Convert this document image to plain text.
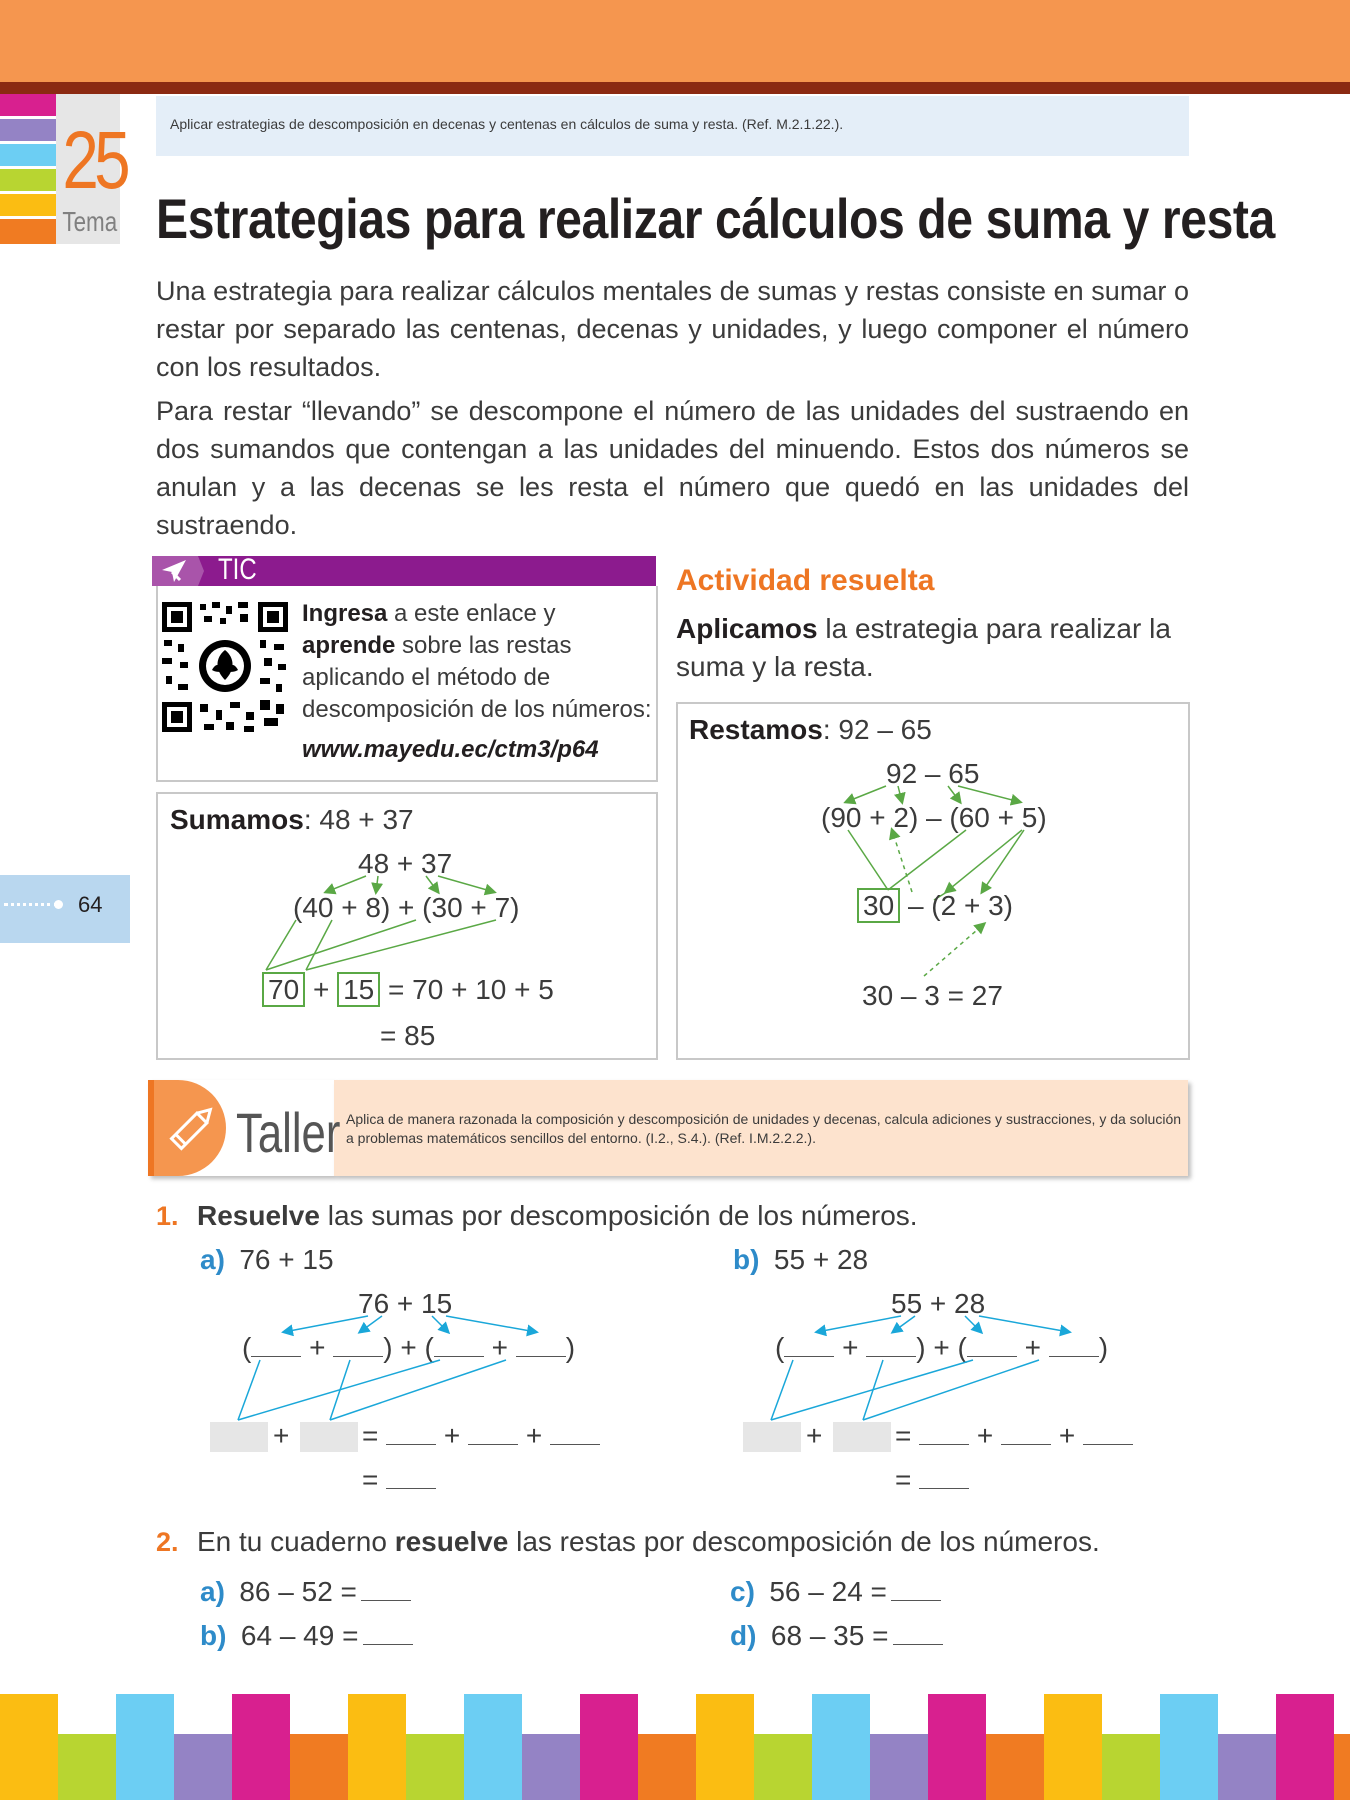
25
Tema
Aplicar estrategias de descomposición en decenas y centenas en cálculos de suma y resta. (Ref. M.2.1.22.).
Estrategias para realizar cálculos de suma y resta
Una estrategia para realizar cálculos mentales de sumas y restas consiste en sumar o restar por separado las centenas, decenas y unidades, y luego componer el número con los resultados.
Para restar “llevando” se descompone el número de las unidades del sustraendo en dos sumandos que contengan a las unidades del minuendo. Estos dos números se anulan y a las decenas se les resta el número que quedó en las unidades del sustraendo.
TIC
Ingresa a este enlace y aprende sobre las restas aplicando el método de descomposición de los números:
www.mayedu.ec/ctm3/p64
Sumamos: 48 + 37
48 + 37
(40 + 8) + (30 + 7)
70 + 15 = 70 + 10 + 5
= 85
Actividad resuelta
Aplicamos la estrategia para realizar la suma y la resta.
Restamos: 92 – 65
92 – 65
(90 + 2) – (60 + 5)
30 – (2 + 3)
30 – 3 = 27
64
Taller Aplica de manera razonada la composición y descomposición de unidades y decenas, calcula adiciones y sustracciones, y da solución a problemas matemáticos sencillos del entorno. (I.2., S.4.). (Ref. I.M.2.2.2.).
1. Resuelve las sumas por descomposición de los números.
a) 76 + 15	b) 55 + 28
76 + 15
( + ) + ( + )
+	=  +  +
=
55 + 28
( + ) + ( + )
+	=  +  +
=
2. En tu cuaderno resuelve las restas por descomposición de los números.
a) 86 – 52 =
b) 64 – 49 =
c) 56 – 24 =
d) 68 – 35 =
